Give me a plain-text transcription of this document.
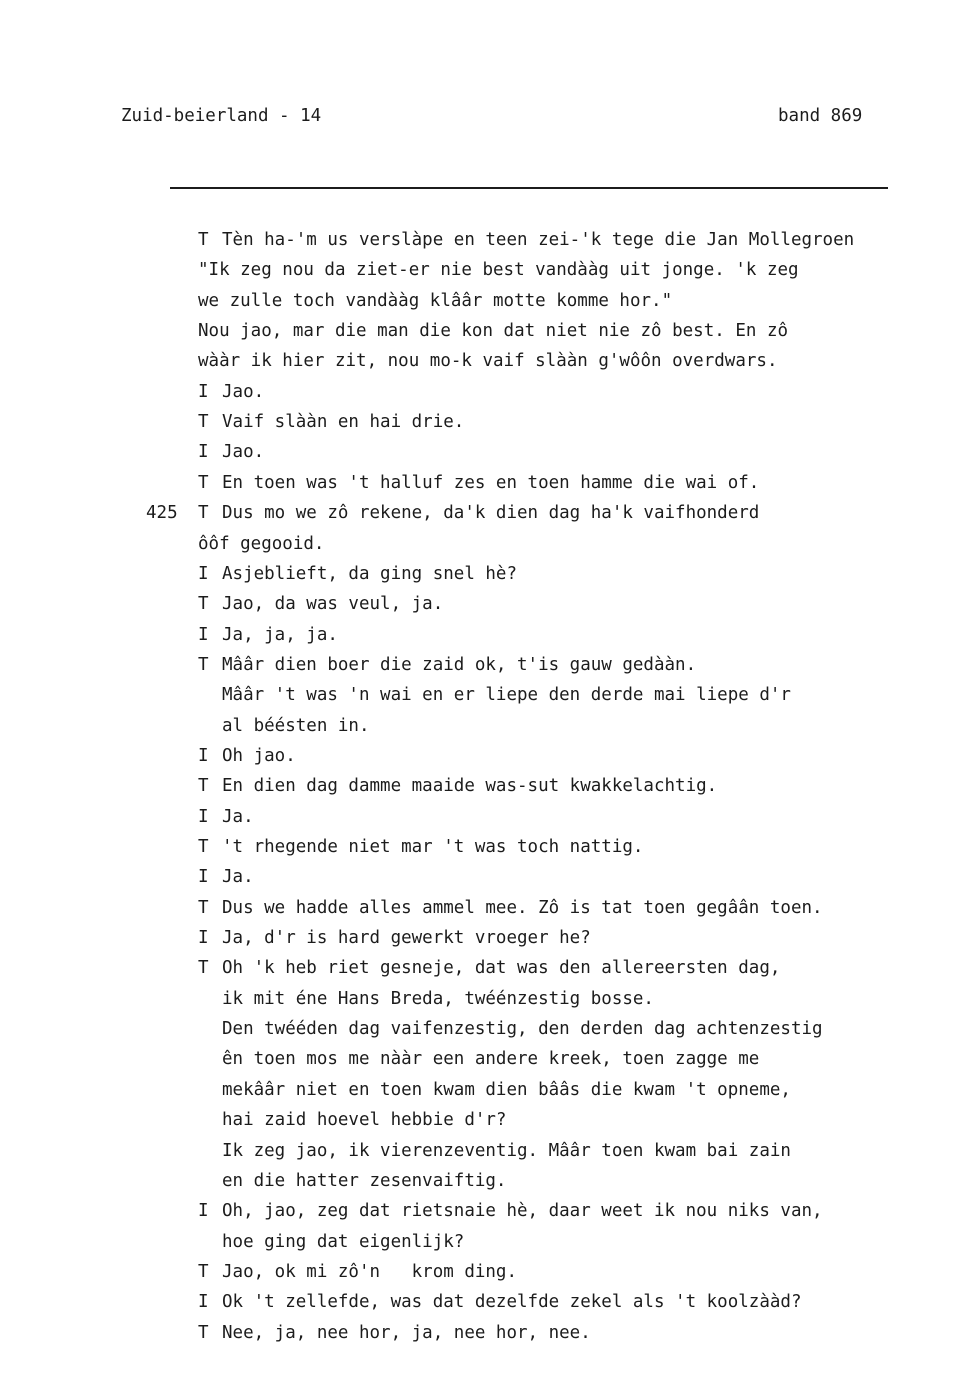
Zuid-beierland - 14	band 869
T Tèn ha-'m us verslàpe en teen zei-'k tege die Jan Mollegroen
"Ik zeg nou da ziet-er nie best vandààg uit jonge. 'k zeg
we zulle toch vandààg klââr motte komme hor."
Nou jao, mar die man die kon dat niet nie zô best. En zô
wààr ik hier zit, nou mo-k vaif slààn g'wôôn overdwars.
I Jao.
T Vaif slààn en hai drie.
I Jao.
T En toen was 't halluf zes en toen hamme die wai of.
425 T Dus mo we zô rekene, da'k dien dag ha'k vaifhonderd
ôôf gegooid.
I Asjeblieft, da ging snel hè?
T Jao, da was veul, ja.
I Ja, ja, ja.
T Mââr dien boer die zaid ok, t'is gauw gedààn.
Mââr 't was 'n wai en er liepe den derde mai liepe d'r
al béésten in.
I Oh jao.
T En dien dag damme maaide was-sut kwakkelachtig.
I Ja.
T 't rhegende niet mar 't was toch nattig.
I Ja.
T Dus we hadde alles ammel mee. Zô is tat toen gegâân toen.
I Ja, d'r is hard gewerkt vroeger he?
T Oh 'k heb riet gesneje, dat was den allereersten dag,
ik mit éne Hans Breda, twéénzestig bosse.
Den twééden dag vaifenzestig, den derden dag achtenzestig
ên toen mos me nààr een andere kreek, toen zagge me
mekââr niet en toen kwam dien bââs die kwam 't opneme,
hai zaid hoevel hebbie d'r?
Ik zeg jao, ik vierenzeventig. Mââr toen kwam bai zain
en die hatter zesenvaiftig.
I Oh, jao, zeg dat rietsnaie hè, daar weet ik nou niks van,
hoe ging dat eigenlijk?
T Jao, ok mi zô'n   krom ding.
I Ok 't zellefde, was dat dezelfde zekel als 't koolzààd?
T Nee, ja, nee hor, ja, nee hor, nee.
